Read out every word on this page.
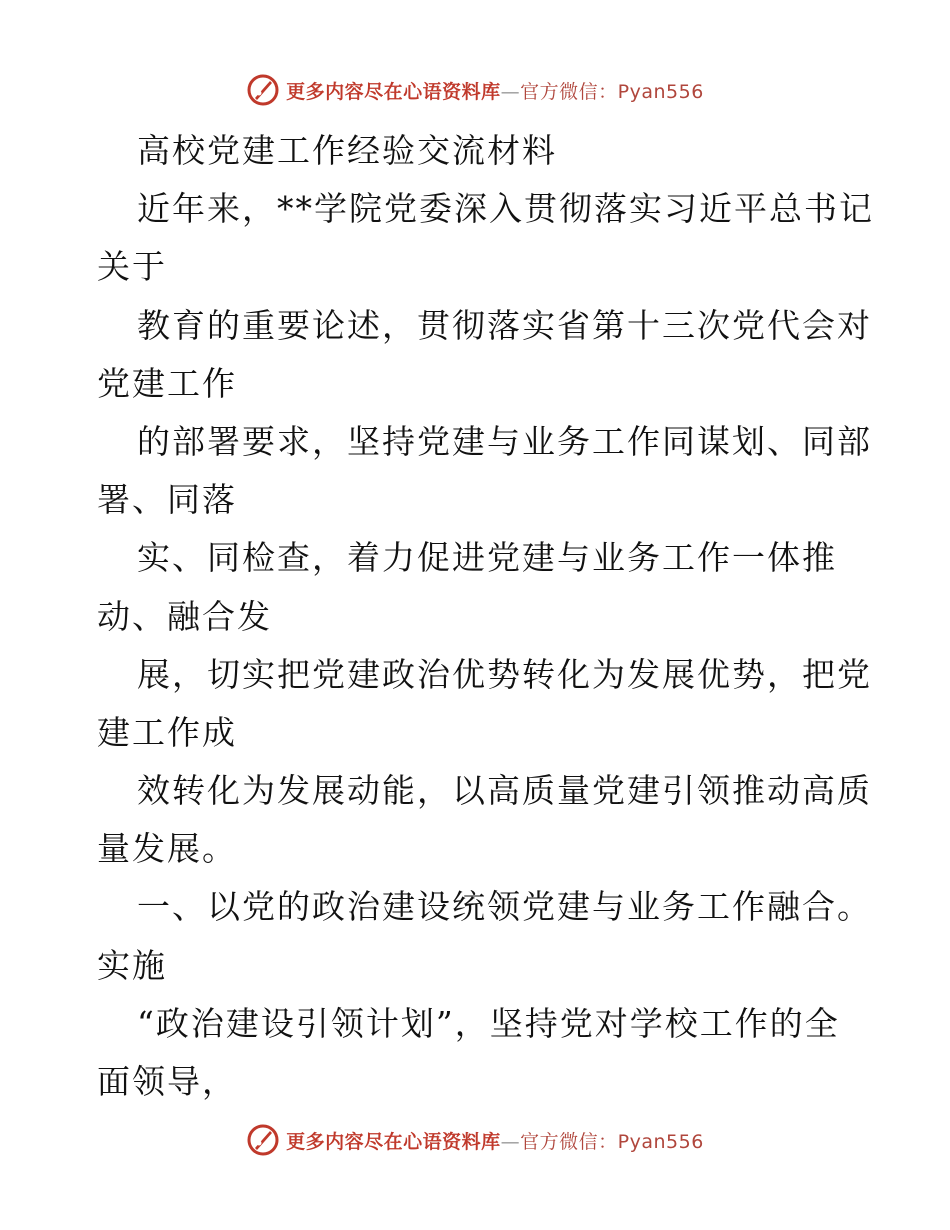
更多内容尽在心语资料库—官方微信：Pyan556
高校党建工作经验交流材料
近年来，**学院党委深入贯彻落实习近平总书记
关于
教育的重要论述，贯彻落实省第十三次党代会对
党建工作
的部署要求，坚持党建与业务工作同谋划、同部
署、同落
实、同检查，着力促进党建与业务工作一体推
动、融合发
展，切实把党建政治优势转化为发展优势，把党
建工作成
效转化为发展动能，以高质量党建引领推动高质
量发展。
一、以党的政治建设统领党建与业务工作融合。
实施
“政治建设引领计划”，坚持党对学校工作的全
面领导，
更多内容尽在心语资料库—官方微信：Pyan556
